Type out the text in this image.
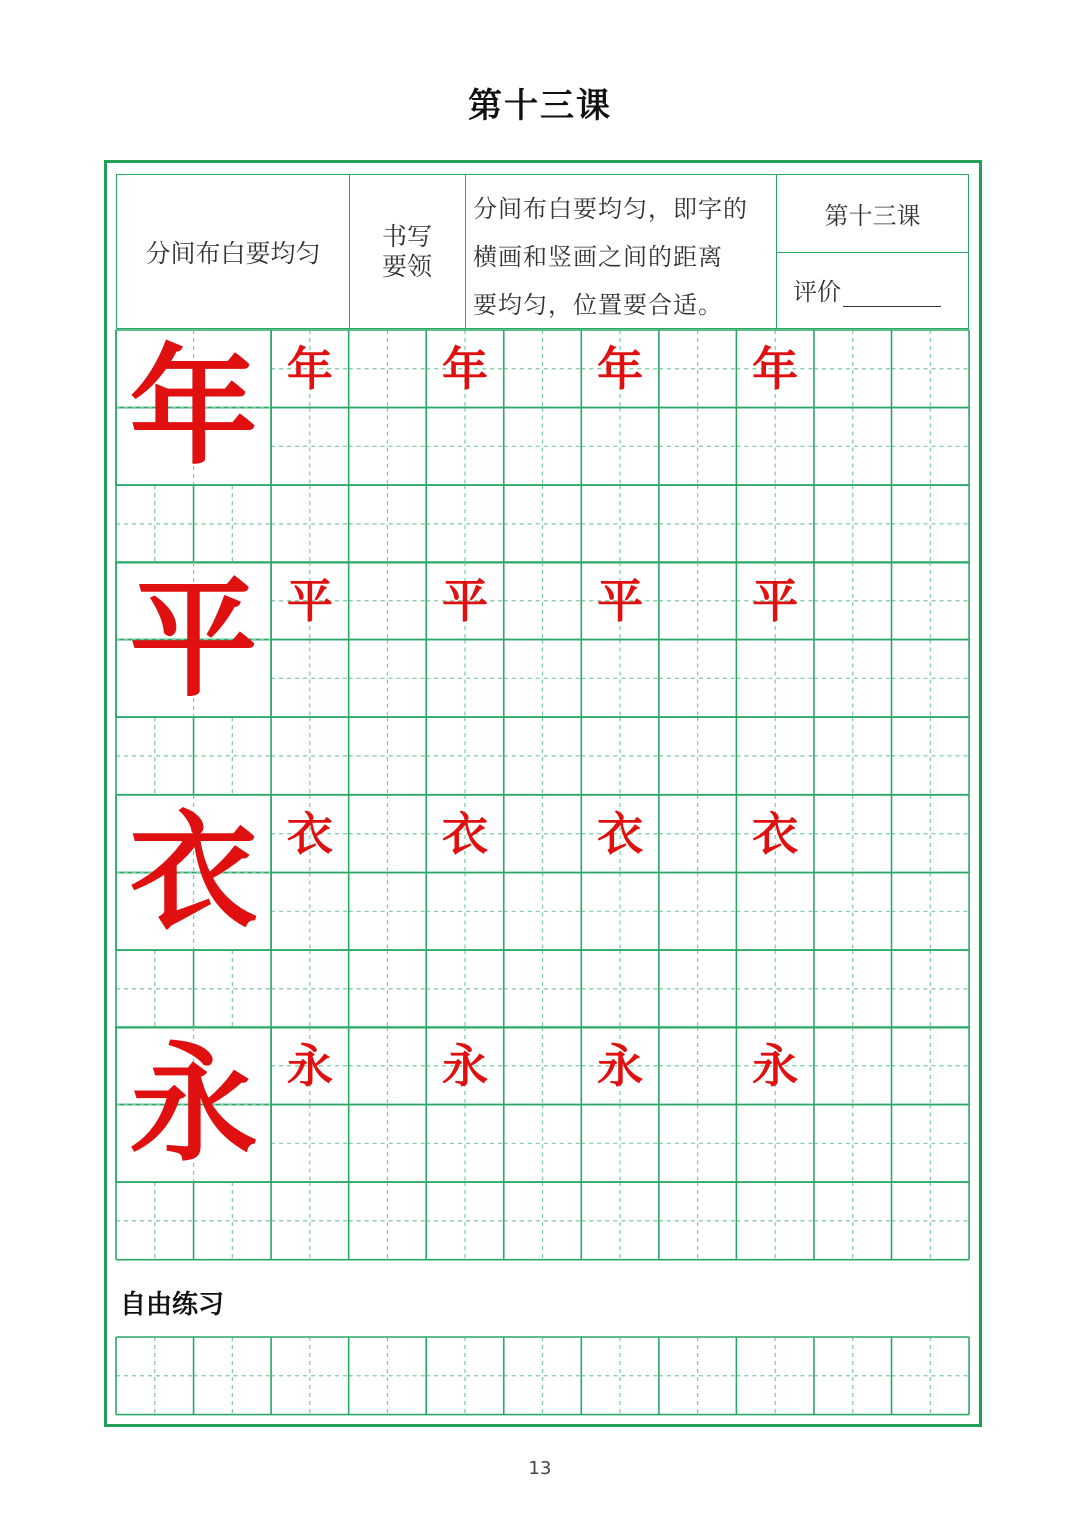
第十三课
分间布白要均匀
书写
要领
分间布白要均匀，即字的
横画和竖画之间的距离
要均匀，位置要合适。
第十三课
评价
年 年 年 年 年
平 平 平 平 平
衣 衣 衣 衣 衣
永 永 永 永 永
自由练习
13
